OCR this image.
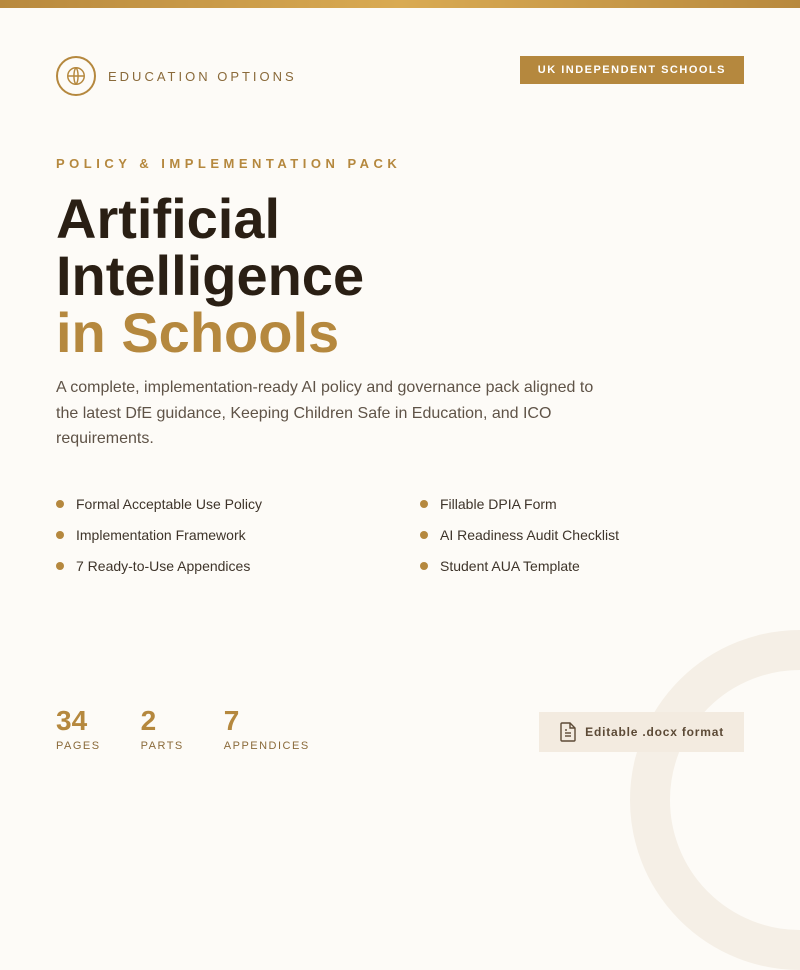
EDUCATION OPTIONS	UK INDEPENDENT SCHOOLS
POLICY & IMPLEMENTATION PACK
Artificial
Intelligence
in Schools

A complete, implementation-ready AI policy and governance pack aligned to the latest DfE guidance, Keeping Children Safe in Education, and ICO requirements.

Formal Acceptable Use Policy
Implementation Framework
7 Ready-to-Use Appendices
Fillable DPIA Form
AI Readiness Audit Checklist
Student AUA Template
34
PAGES
2
PARTS
7
APPENDICES
Editable .docx format
